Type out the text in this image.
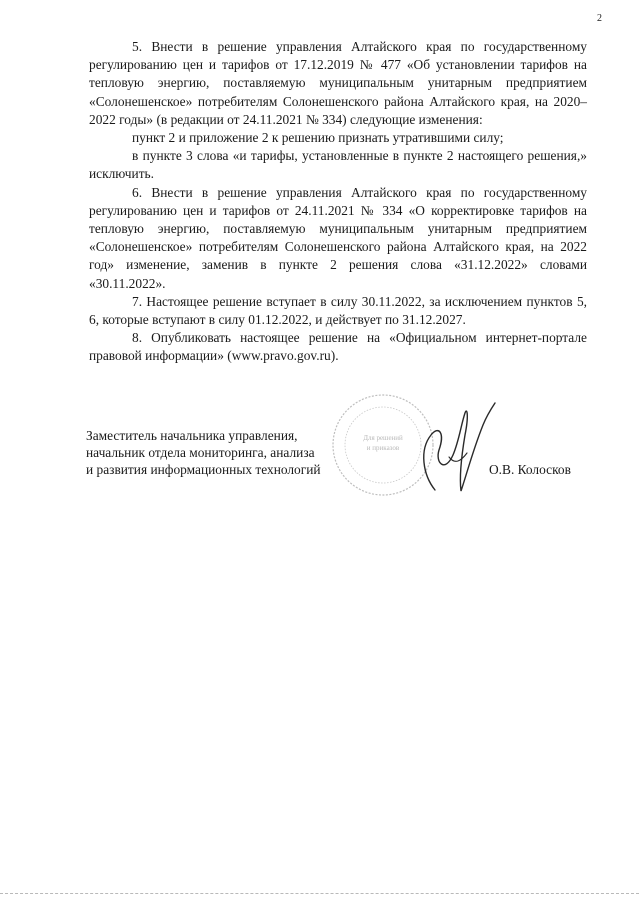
2

5. Внести в решение управления Алтайского края по государственному регулированию цен и тарифов от 17.12.2019 № 477 «Об установлении тарифов на тепловую энергию, поставляемую муниципальным унитарным предприятием «Солонешенское» потребителям Солонешенского района Алтайского края, на 2020–2022 годы» (в редакции от 24.11.2021 № 334) следующие изменения:

пункт 2 и приложение 2 к решению признать утратившими силу;

в пункте 3 слова «и тарифы, установленные в пункте 2 настоящего решения,» исключить.

6. Внести в решение управления Алтайского края по государственному регулированию цен и тарифов от 24.11.2021 № 334 «О корректировке тарифов на тепловую энергию, поставляемую муниципальным унитарным предприятием «Солонешенское» потребителям Солонешенского района Алтайского края, на 2022 год» изменение, заменив в пункте 2 решения слова «31.12.2022» словами «30.11.2022».

7. Настоящее решение вступает в силу 30.11.2022, за исключением пунктов 5, 6, которые вступают в силу 01.12.2022, и действует по 31.12.2027.

8. Опубликовать настоящее решение на «Официальном интернет-портале правовой информации» (www.pravo.gov.ru).

Для решений
и приказов
Заместитель начальника управления,
начальник отдела мониторинга, анализа
и развития информационных технологий	О.В. Колосков
